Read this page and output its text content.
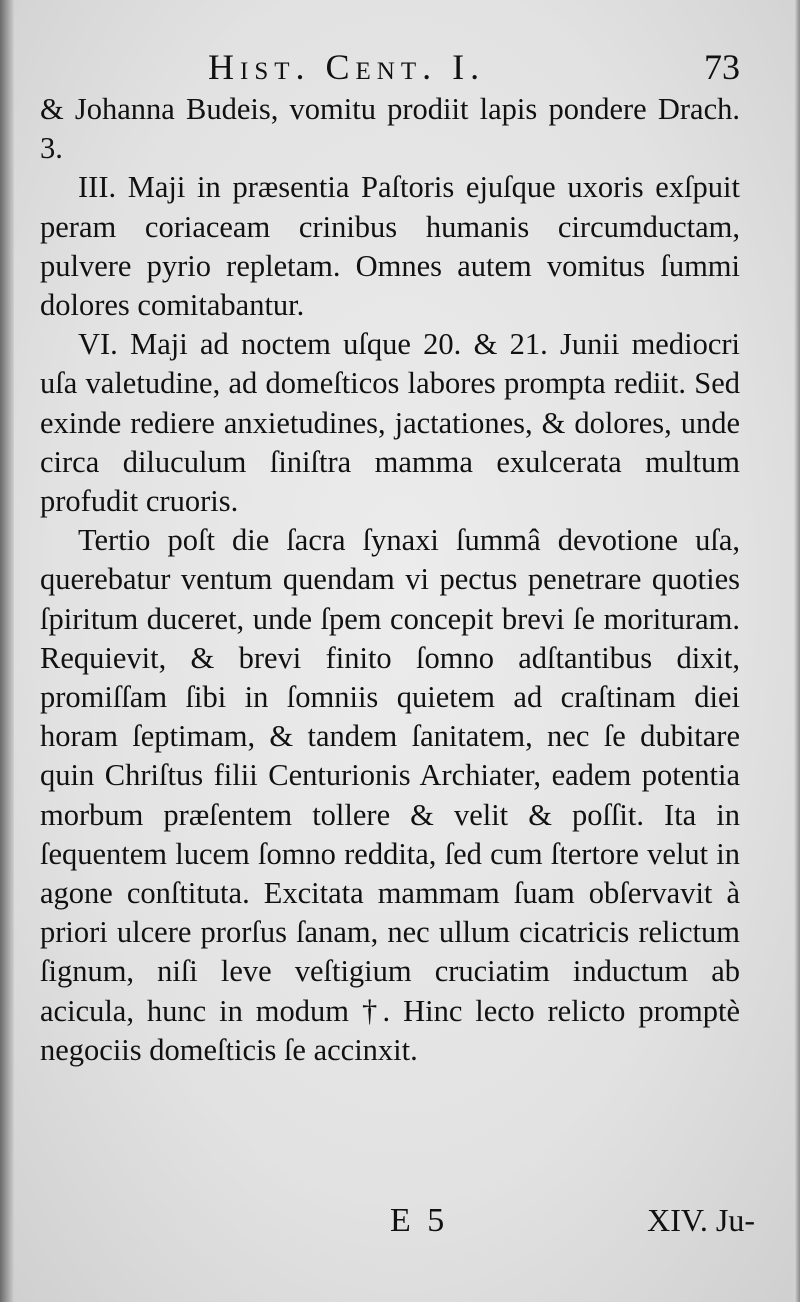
Hist. Cent. I.	73

& Johanna Budeis, vomitu prodiit lapis pondere Drach. 3.

III. Maji in præsentia Paſtoris ejuſque uxoris exſpuit peram coriaceam crinibus humanis circumductam, pulvere pyrio repletam. Omnes autem vomitus ſummi dolores comitabantur.

VI. Maji ad noctem uſque 20. & 21. Junii mediocri uſa valetudine, ad domeſticos labores prompta rediit. Sed exinde rediere anxietudines, jactationes, & dolores, unde circa diluculum ſiniſtra mamma exulcerata multum profudit cruoris.

Tertio poſt die ſacra ſynaxi ſummâ devotione uſa, querebatur ventum quendam vi pectus penetrare quoties ſpiritum duceret, unde ſpem concepit brevi ſe morituram. Requievit, & brevi finito ſomno adſtantibus dixit, promiſſam ſibi in ſomniis quietem ad craſtinam diei horam ſeptimam, & tandem ſanitatem, nec ſe dubitare quin Chriſtus filii Centurionis Archiater, eadem potentia morbum præſentem tollere & velit & poſſit. Ita in ſequentem lucem ſomno reddita, ſed cum ſtertore velut in agone conſtituta. Excitata mammam ſuam obſervavit à priori ulcere prorſus ſanam, nec ullum cicatricis relictum ſignum, niſi leve veſtigium cruciatim inductum ab acicula, hunc in modum †. Hinc lecto relicto promptè negociis domeſticis ſe accinxit.

E 5	XIV. Ju-
